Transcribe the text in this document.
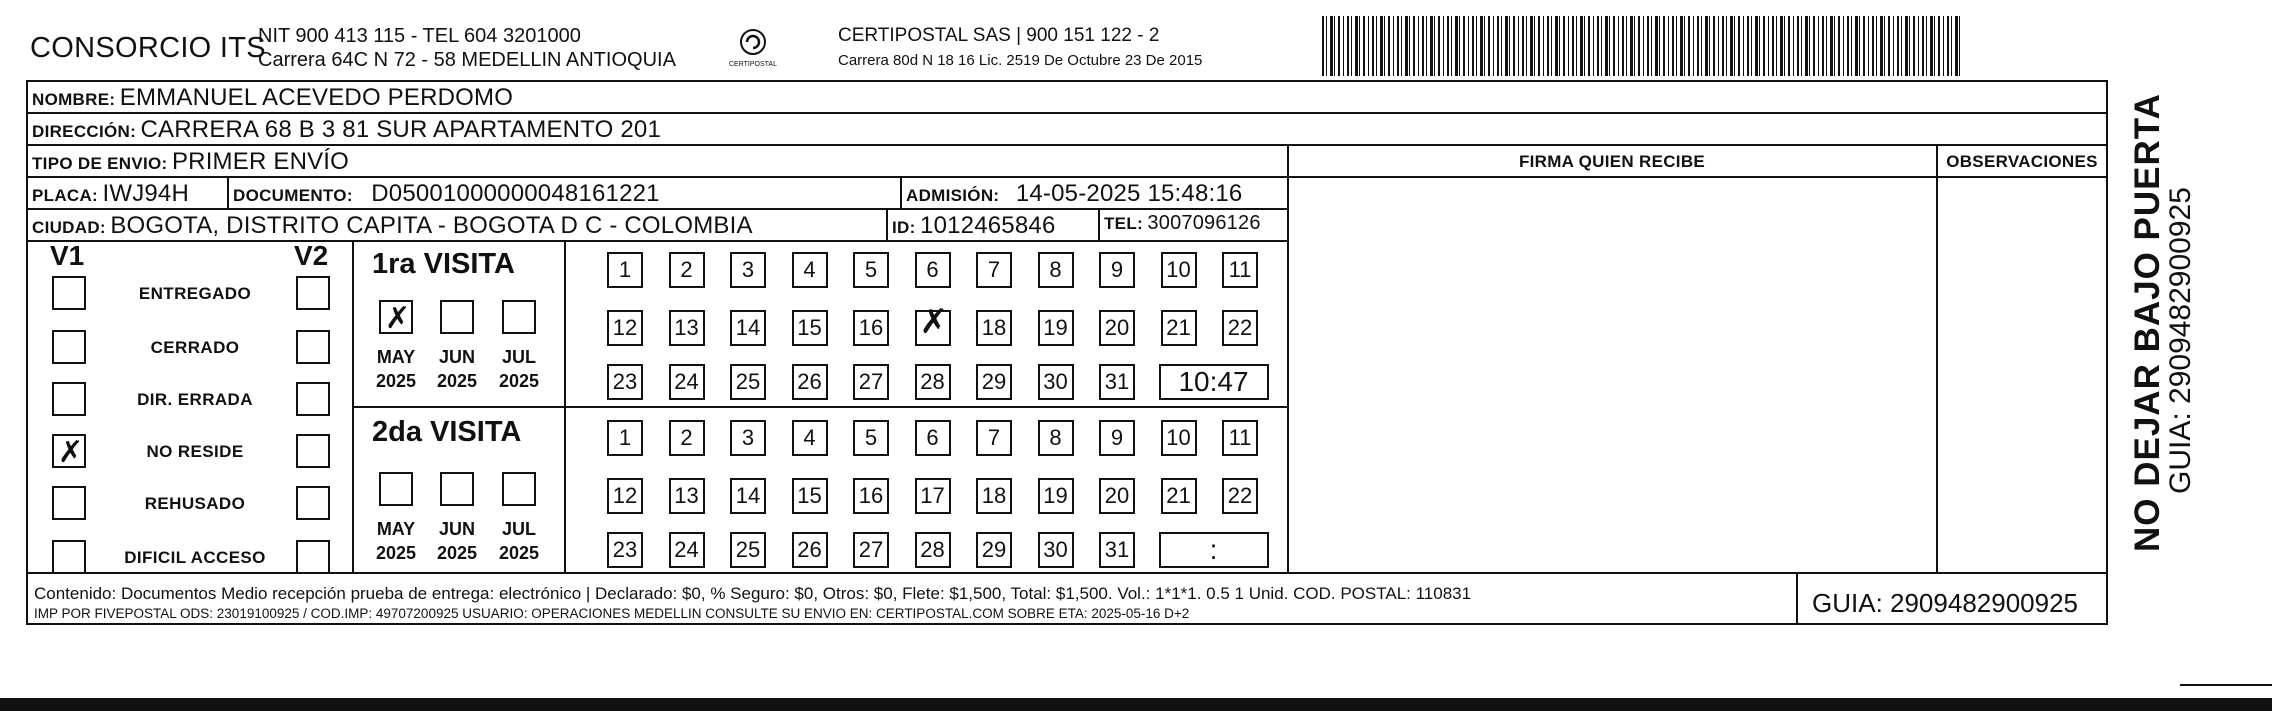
CONSORCIO ITS
NIT 900 413 115 - TEL 604 3201000
Carrera 64C N 72 - 58 MEDELLIN ANTIOQUIA	CERTIPOSTAL
CERTIPOSTAL SAS | 900 151 122 - 2
Carrera 80d N 18 16 Lic. 2519 De Octubre 23 De 2015
NOMBRE: EMMANUEL ACEVEDO PERDOMO
DIRECCIÓN: CARRERA 68 B 3 81 SUR APARTAMENTO 201
TIPO DE ENVIO: PRIMER ENVÍO	FIRMA QUIEN RECIBE	OBSERVACIONES
PLACA: IWJ94H	DOCUMENTO: D05001000000048161221	ADMISIÓN: 14-05-2025 15:48:16
CIUDAD: BOGOTA, DISTRITO CAPITA - BOGOTA D C - COLOMBIA	ID: 1012465846	TEL: 3007096126
V1	V2 1ra VISITA
2da VISITA
Contenido: Documentos Medio recepción prueba de entrega: electrónico | Declarado: $0, % Seguro: $0, Otros: $0, Flete: $1,500, Total: $1,500. Vol.: 1*1*1. 0.5 1 Unid. COD. POSTAL: 110831
IMP POR FIVEPOSTAL ODS: 23019100925 / COD.IMP: 49707200925 USUARIO: OPERACIONES MEDELLIN CONSULTE SU ENVIO EN: CERTIPOSTAL.COM SOBRE ETA: 2025-05-16 D+2	GUIA: 2909482900925
NO DEJAR BAJO PUERTA
GUIA: 2909482900925
ENTREGADO
CERRADO
DIR. ERRADA
✗	NO RESIDE
REHUSADO
DIFICIL ACCESO
✗
MAY
2025
JUN
2025
JUL
2025
MAY
2025
JUN
2025
JUL
2025
1	2	3	4	5	6	7	8	9	10 11
12 13 14 15 16
✗	18 19 20 21 22
23 24 25 26 27 28 29 30 31	10:47
1	2	3	4	5	6	7	8	9	10 11
12 13 14 15 16 17 18 19 20 21 22
23 24 25 26 27 28 29 30 31	:
